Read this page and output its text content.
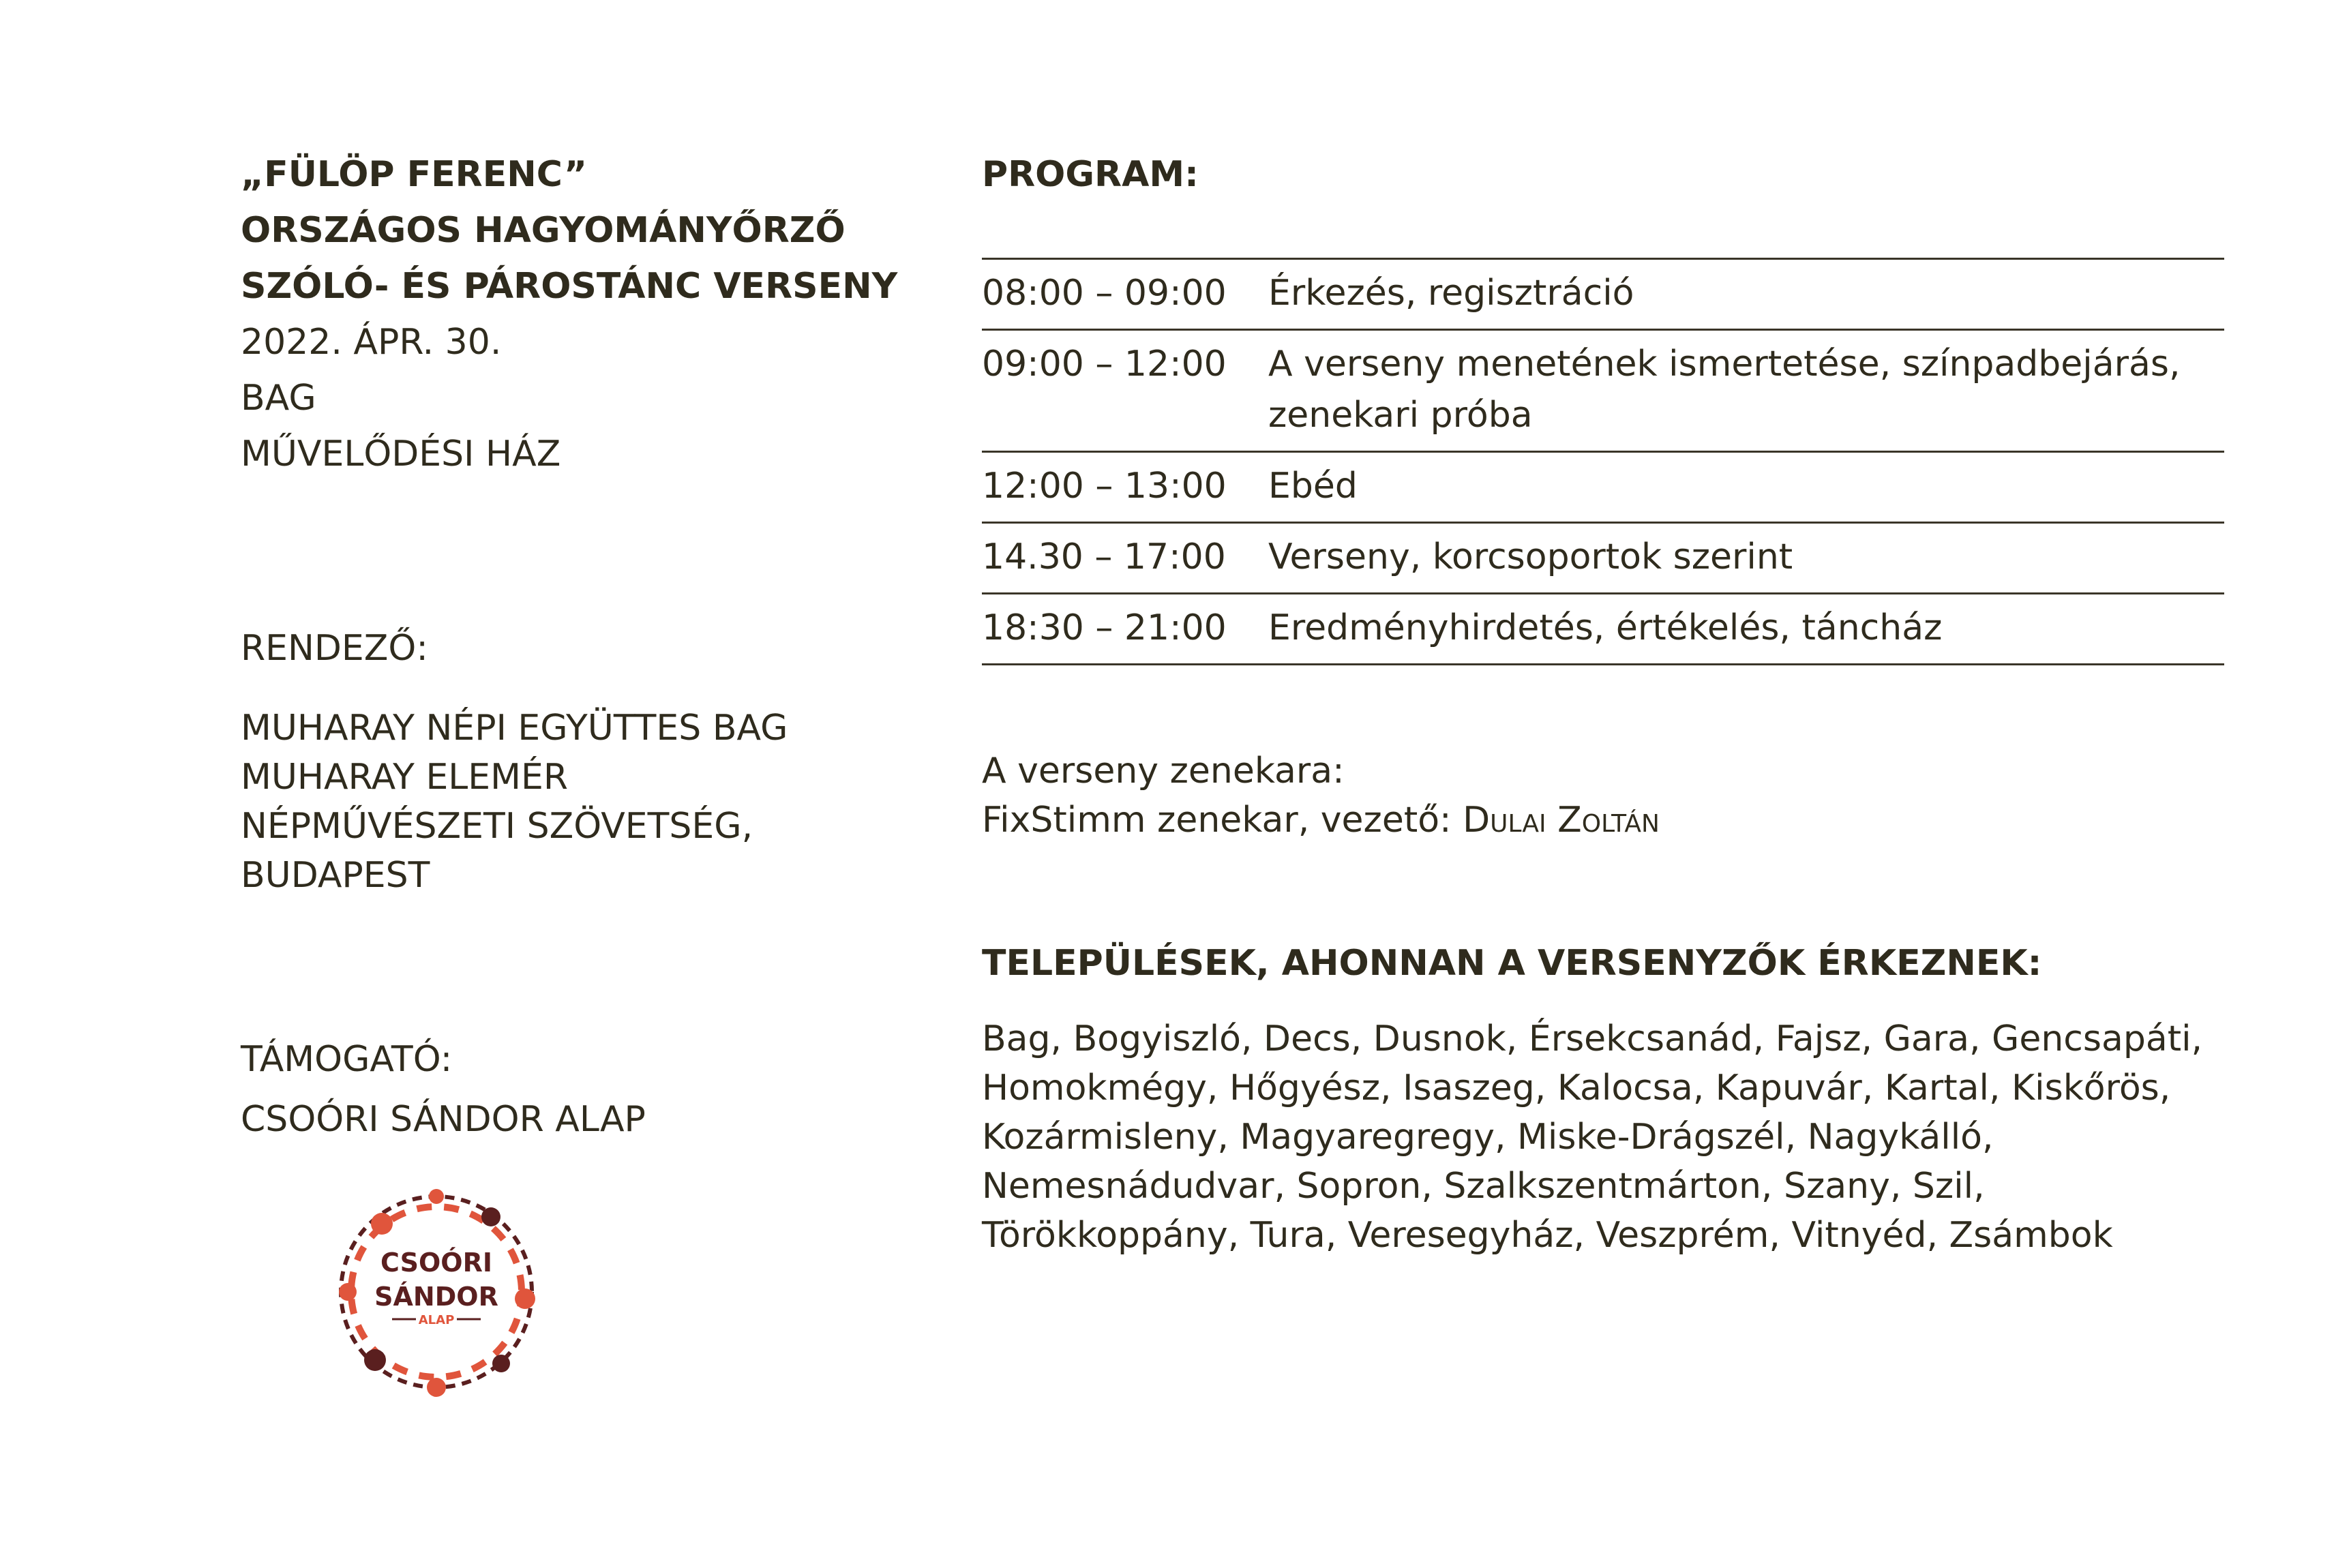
„FÜLÖP FERENC”
ORSZÁGOS HAGYOMÁNYŐRZŐ
SZÓLÓ- ÉS PÁROSTÁNC VERSENY
2022. ÁPR. 30.
BAG
MŰVELŐDÉSI HÁZ
RENDEZŐ:
MUHARAY NÉPI EGYÜTTES BAG
MUHARAY ELEMÉR
NÉPMŰVÉSZETI SZÖVETSÉG,
BUDAPEST
TÁMOGATÓ:
CSOÓRI SÁNDOR ALAP
CSOÓRI
SÁNDOR
ALAP
PROGRAM:
08:00 – 09:00	Érkezés, regisztráció
09:00 – 12:00	A verseny menetének ismertetése, színpadbejárás, zenekari próba
12:00 – 13:00	Ebéd
14.30 – 17:00	Verseny, korcsoportok szerint
18:30 – 21:00	Eredményhirdetés, értékelés, táncház
A verseny zenekara:
FixStimm zenekar, vezető: Dulai Zoltán
TELEPÜLÉSEK, AHONNAN A VERSENYZŐK ÉRKEZNEK:
Bag, Bogyiszló, Decs, Dusnok, Érsekcsanád, Fajsz, Gara, Gencsapáti, Homokmégy, Hőgyész, Isaszeg, Kalocsa, Kapuvár, Kartal, Kiskőrös, Kozármisleny, Magyaregregy, Miske-Drágszél, Nagykálló, Nemesnádudvar, Sopron, Szalkszentmárton, Szany, Szil, Törökkoppány, Tura, Veresegyház, Veszprém, Vitnyéd, Zsámbok
